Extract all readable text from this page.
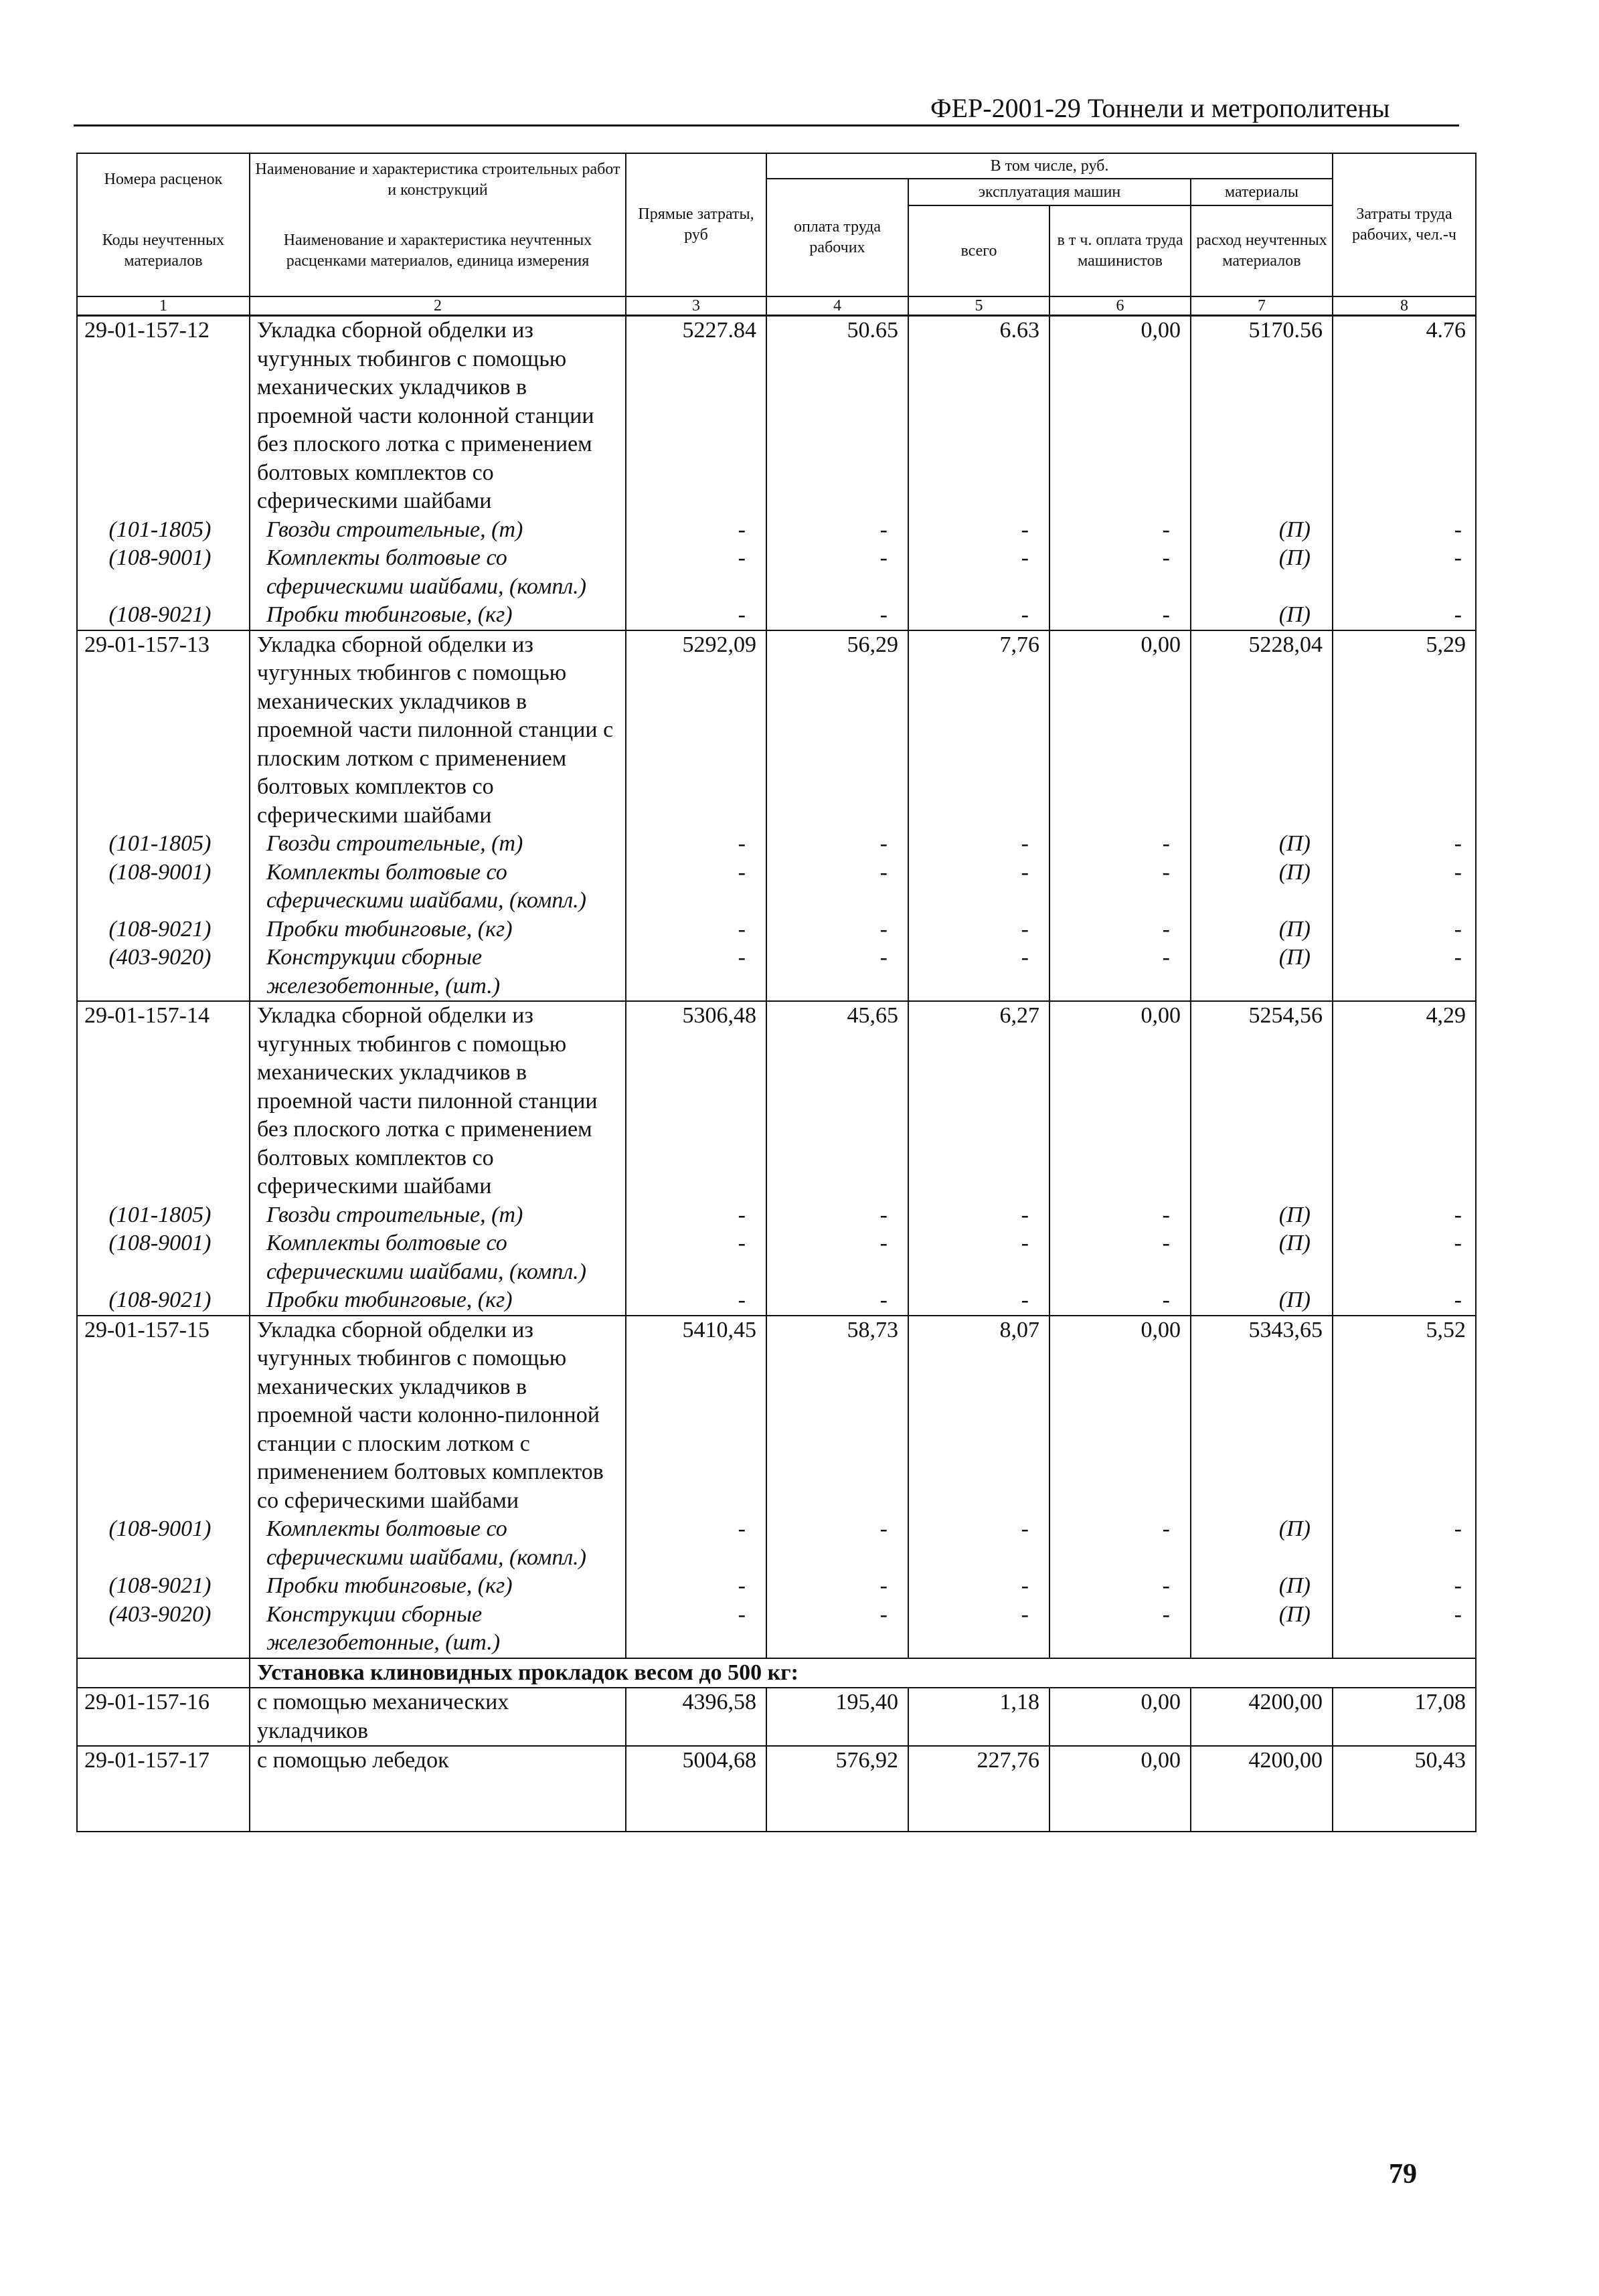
ФЕР-2001-29 Тоннели и метрополитены
Номера расценок	Наименование и характеристика строительных работ и конструкций	Прямые затраты, руб	В том числе, руб.				Затраты труда рабочих, чел.-ч
			оплата труда рабочих	эксплуатация машин		материалы	
Коды неучтенных материалов	Наименование и характеристика неучтенных расценками материалов, единица измерения			всего	в т ч. оплата труда машинистов	расход неучтенных материалов	

1	2	3	4	5	6	7	8
29-01-157-12	Укладка сборной обделки из чугунных тюбингов с помощью механических укладчиков в проемной части колонной станции без плоского лотка с применением болтовых комплектов со сферическими шайбами	5227.84	50.65	6.63	0,00	5170.56	4.76
(101-1805)	Гвозди строительные, (т)	-	-	-	-	(П)	-
(108-9001)	Комплекты болтовые со сферическими шайбами, (компл.)	-	-	-	-	(П)	-
(108-9021)	Пробки тюбинговые, (кг)	-	-	-	-	(П)	-
29-01-157-13	Укладка сборной обделки из чугунных тюбингов с помощью механических укладчиков в проемной части пилонной станции с плоским лотком с применением болтовых комплектов со сферическими шайбами	5292,09	56,29	7,76	0,00	5228,04	5,29
(101-1805)	Гвозди строительные, (т)	-	-	-	-	(П)	-
(108-9001)	Комплекты болтовые со сферическими шайбами, (компл.)	-	-	-	-	(П)	-
(108-9021)	Пробки тюбинговые, (кг)	-	-	-	-	(П)	-
(403-9020)	Конструкции сборные железобетонные, (шт.)	-	-	-	-	(П)	-
29-01-157-14	Укладка сборной обделки из чугунных тюбингов с помощью механических укладчиков в проемной части пилонной станции без плоского лотка с применением болтовых комплектов со сферическими шайбами	5306,48	45,65	6,27	0,00	5254,56	4,29
(101-1805)	Гвозди строительные, (т)	-	-	-	-	(П)	-
(108-9001)	Комплекты болтовые со сферическими шайбами, (компл.)	-	-	-	-	(П)	-
(108-9021)	Пробки тюбинговые, (кг)	-	-	-	-	(П)	-
29-01-157-15	Укладка сборной обделки из чугунных тюбингов с помощью механических укладчиков в проемной части колонно-пилонной станции с плоским лотком с применением болтовых комплектов со сферическими шайбами	5410,45	58,73	8,07	0,00	5343,65	5,52
(108-9001)	Комплекты болтовые со сферическими шайбами, (компл.)	-	-	-	-	(П)	-
(108-9021)	Пробки тюбинговые, (кг)	-	-	-	-	(П)	-
(403-9020)	Конструкции сборные железобетонные, (шт.)	-	-	-	-	(П)	-
	Установка клиновидных прокладок весом до 500 кг:						
29-01-157-16	с помощью механических укладчиков	4396,58	195,40	1,18	0,00	4200,00	17,08
29-01-157-17	с помощью лебедок	5004,68	576,92	227,76	0,00	4200,00	50,43

79
